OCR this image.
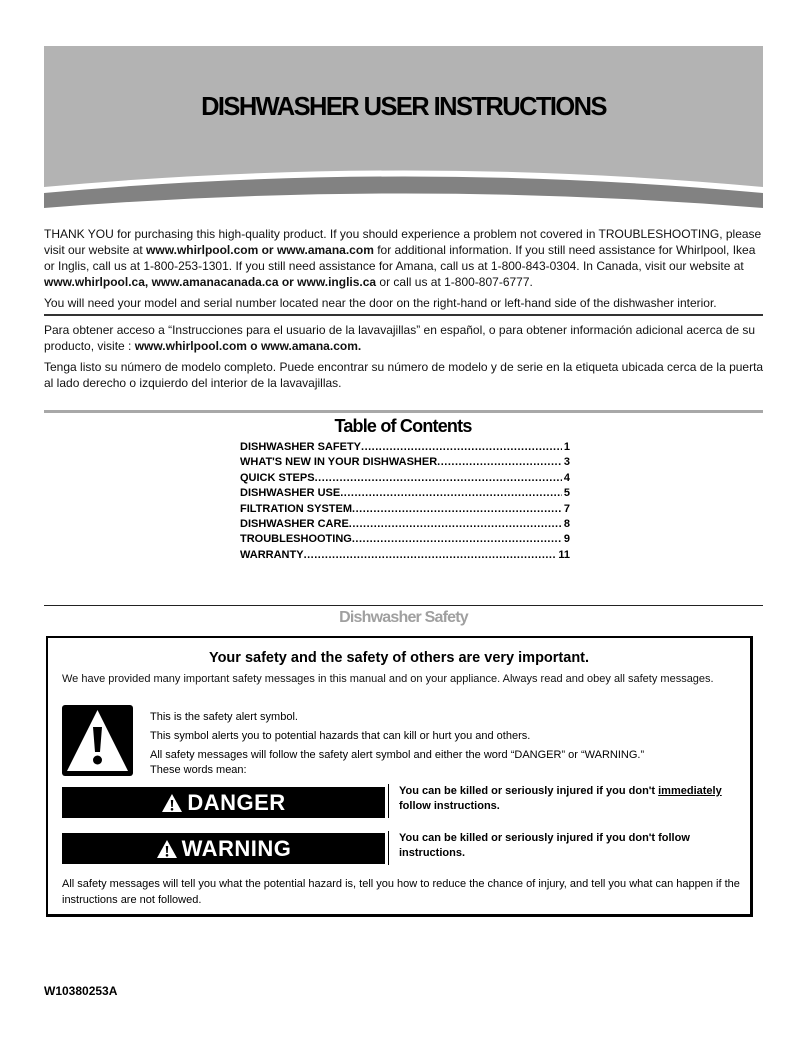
DISHWASHER USER INSTRUCTIONS

THANK YOU for purchasing this high-quality product. If you should experience a problem not covered in TROUBLESHOOTING, please visit our website at www.whirlpool.com or www.amana.com for additional information. If you still need assistance for Whirlpool, Ikea or Inglis, call us at 1-800-253-1301. If you still need assistance for Amana, call us at 1-800-843-0304. In Canada, visit our website at www.whirlpool.ca, www.amanacanada.ca or www.inglis.ca or call us at 1-800-807-6777.

You will need your model and serial number located near the door on the right-hand or left-hand side of the dishwasher interior.

Para obtener acceso a “Instrucciones para el usuario de la lavavajillas” en español, o para obtener información adicional acerca de su producto, visite : www.whirlpool.com o www.amana.com.

Tenga listo su número de modelo completo. Puede encontrar su número de modelo y de serie en la etiqueta ubicada cerca de la puerta al lado derecho o izquierdo del interior de la lavavajillas.

Table of Contents
DISHWASHER SAFETY .....	1
WHAT'S NEW IN YOUR DISHWASHER .....	3
QUICK STEPS .....	4
DISHWASHER USE .....	5
FILTRATION SYSTEM .....	7
DISHWASHER CARE .....	8
TROUBLESHOOTING .....	9
WARRANTY .....	11
Dishwasher Safety
Your safety and the safety of others are very important.
We have provided many important safety messages in this manual and on your appliance. Always read and obey all safety messages.
This is the safety alert symbol.
This symbol alerts you to potential hazards that can kill or hurt you and others.
All safety messages will follow the safety alert symbol and either the word “DANGER” or “WARNING.”
These words mean:
DANGER	You can be killed or seriously injured if you don't immediately
follow instructions.
WARNING	You can be killed or seriously injured if you don't follow
instructions.
All safety messages will tell you what the potential hazard is, tell you how to reduce the chance of injury, and tell you what can happen if the instructions are not followed.
W10380253A
